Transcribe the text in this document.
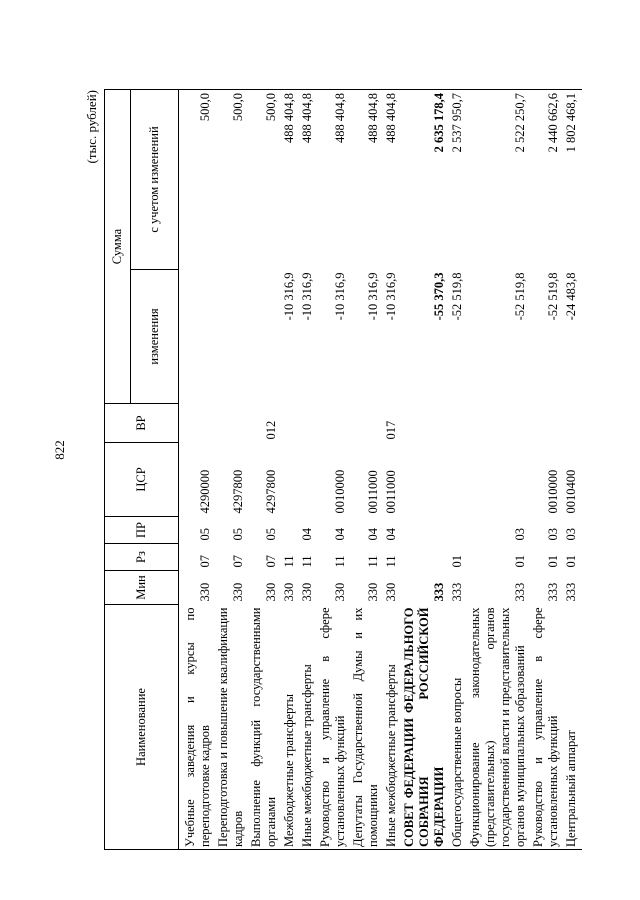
822
(тыс. рублей)
Наименование	Мин	Рз	ПР	ЦСР	ВР	Сумма	
						изменения	с учетом изменений
Учебные заведения и курсы по переподготовке кадров	330	07	05	4290000			500,0
Переподготовка и повышение квалификации кадров	330	07	05	4297800			500,0
Выполнение функций государственными органами	330	07	05	4297800	012		500,0
Межбюджетные трансферты	330	11				-10 316,9	488 404,8
Иные межбюджетные трансферты	330	11	04			-10 316,9	488 404,8
Руководство и управление в сфере установленных функций	330	11	04	0010000		-10 316,9	488 404,8
Депутаты Государственной Думы и их помощники	330	11	04	0011000		-10 316,9	488 404,8
Иные межбюджетные трансферты	330	11	04	0011000	017	-10 316,9	488 404,8
СОВЕТ ФЕДЕРАЦИИ ФЕДЕРАЛЬНОГО СОБРАНИЯ РОССИЙСКОЙ ФЕДЕРАЦИИ	333					-55 370,3	2 635 178,4
Общегосударственные вопросы	333	01				-52 519,8	2 537 950,7
Функционирование законодательных (представительных) органов государственной власти и представительных органов муниципальных образований	333	01	03			-52 519,8	2 522 250,7
Руководство и управление в сфере установленных функций	333	01	03	0010000		-52 519,8	2 440 662,6
Центральный аппарат	333	01	03	0010400		-24 483,8	1 802 468,1
